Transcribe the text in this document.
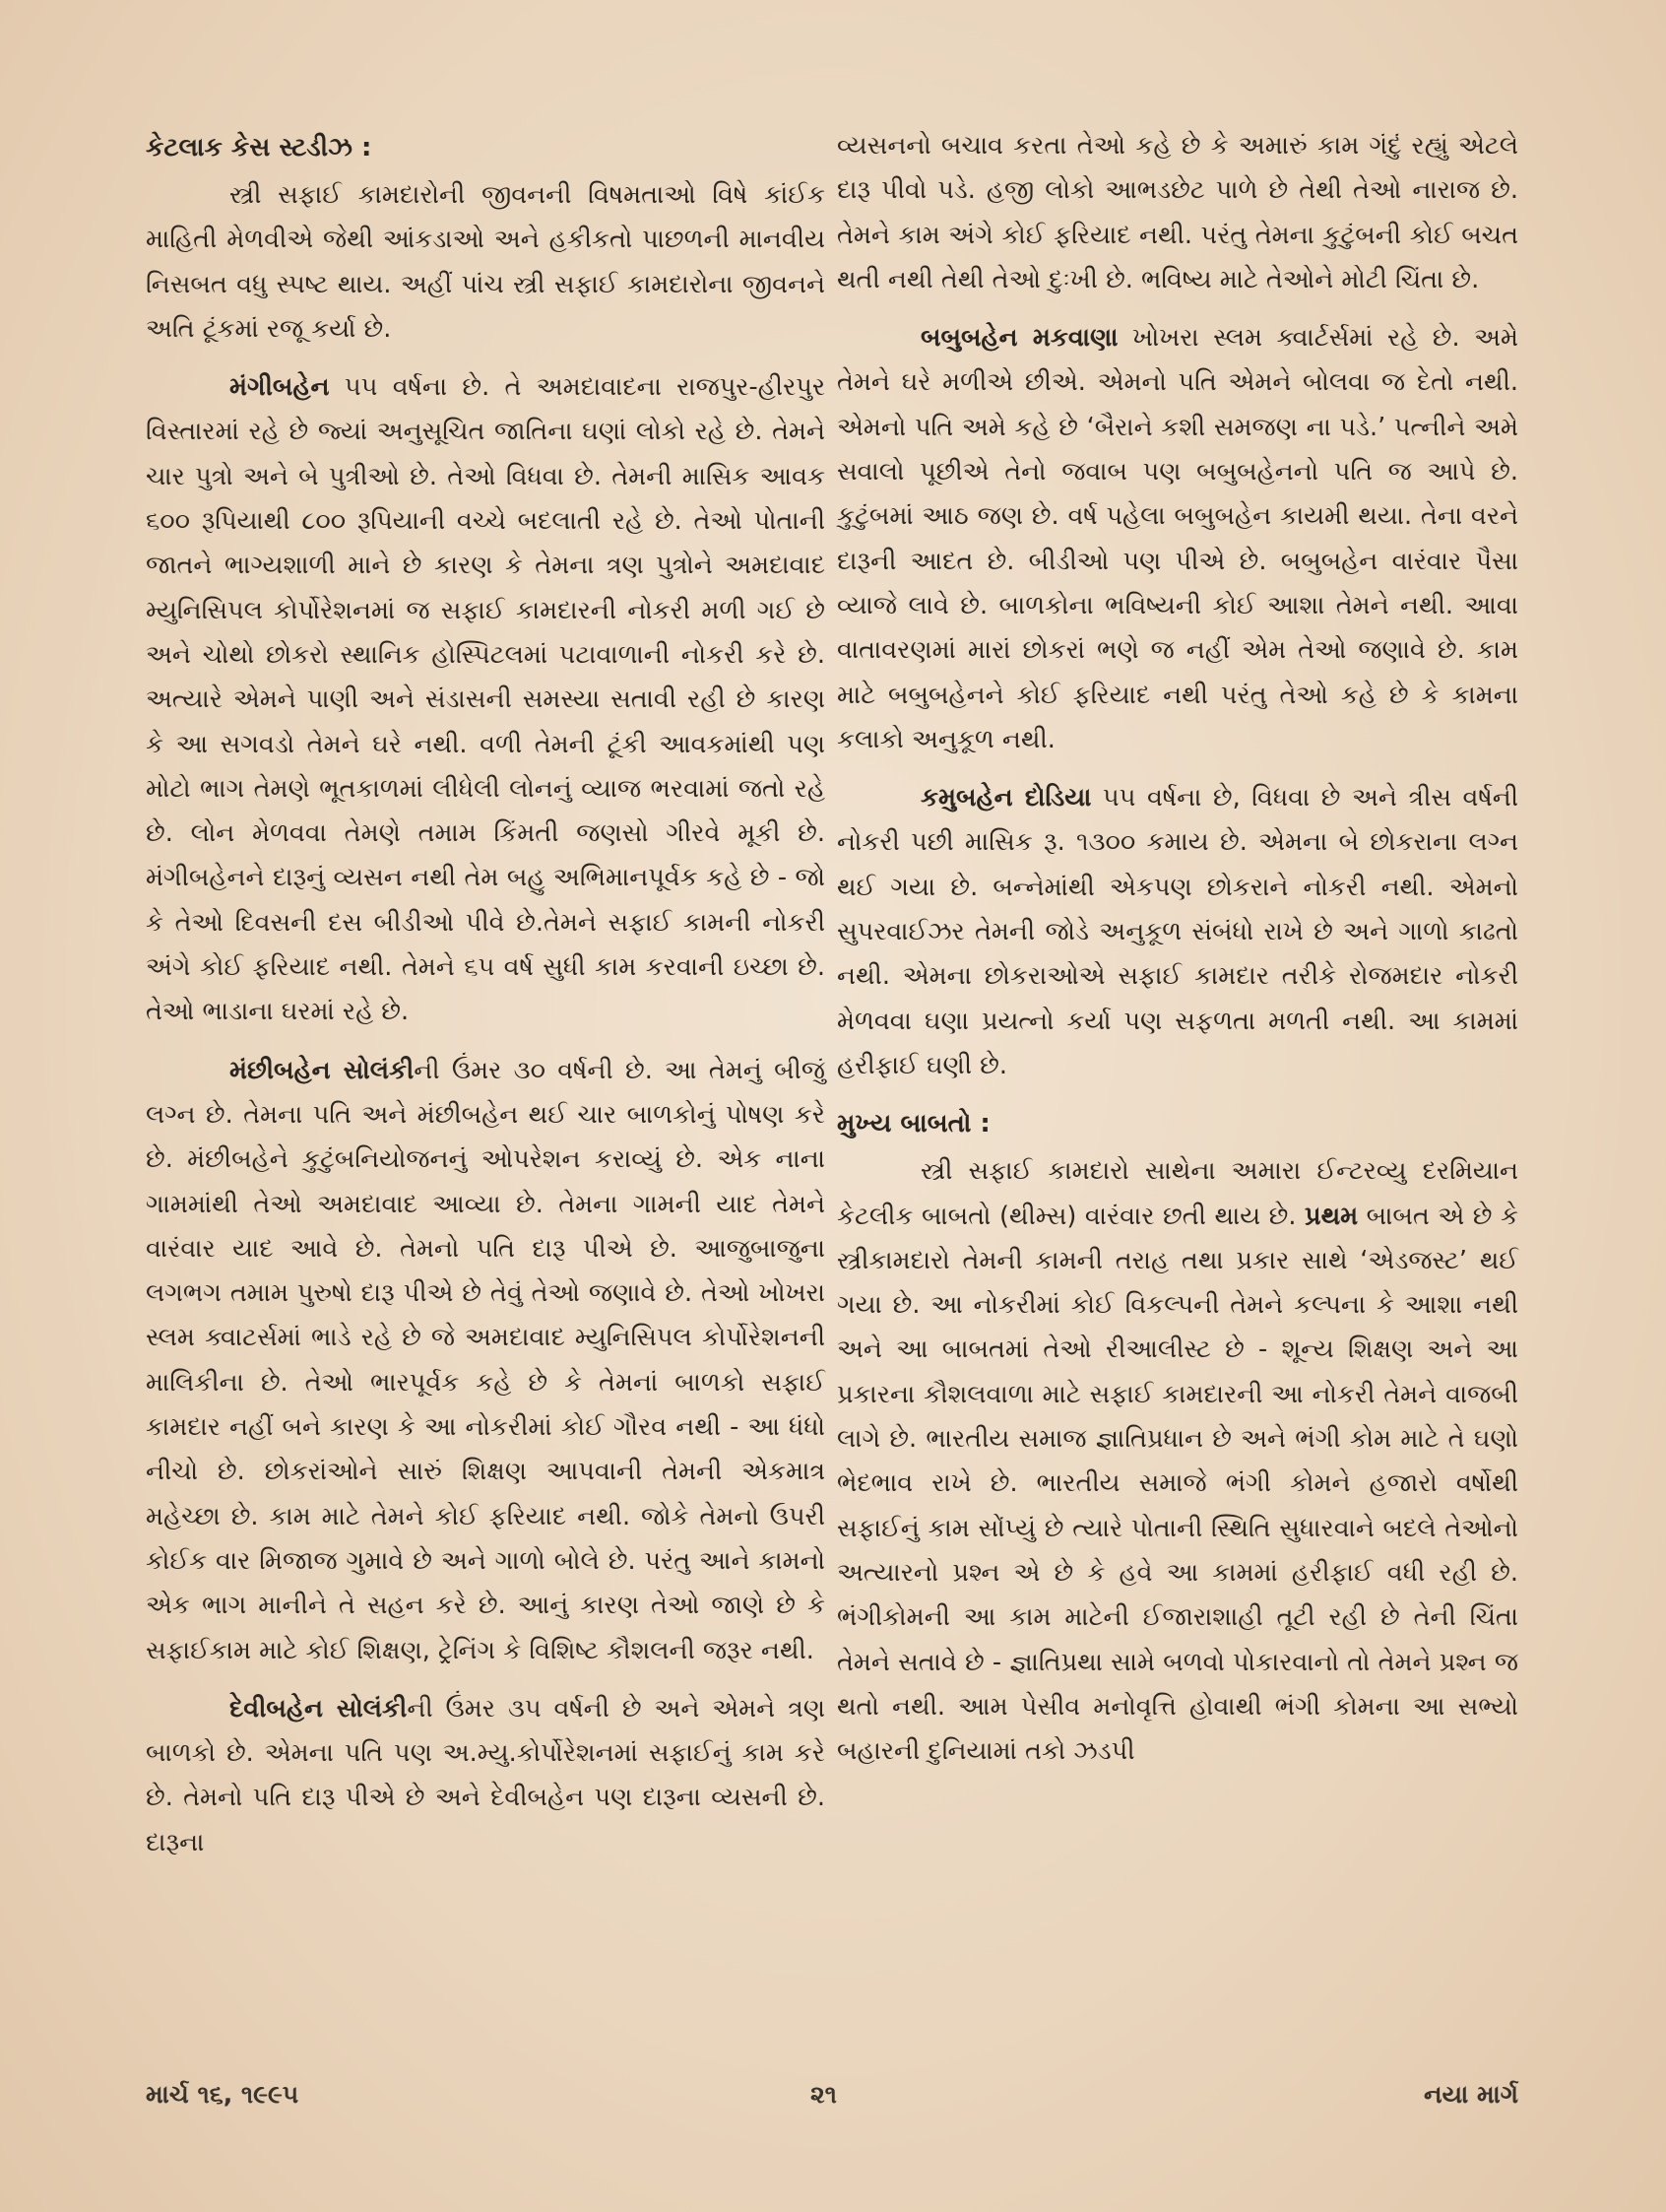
કેટલાક કેસ સ્ટડીઝ :

સ્ત્રી સફાઈ કામદારોની જીવનની વિષમતાઓ વિષે કાંઈક માહિતી મેળવીએ જેથી આંકડાઓ અને હકીકતો પાછળની માનવીય નિસબત વધુ સ્પષ્ટ થાય. અહીં પાંચ સ્ત્રી સફાઈ કામદારોના જીવનને અતિ ટૂંકમાં રજૂ કર્યા છે.

મંગીબહેન ૫૫ વર્ષના છે. તે અમદાવાદના રાજપુર-હીરપુર વિસ્તારમાં રહે છે જ્યાં અનુસૂચિત જાતિના ઘણાં લોકો રહે છે. તેમને ચાર પુત્રો અને બે પુત્રીઓ છે. તેઓ વિધવા છે. તેમની માસિક આવક ૬૦૦ રૂપિયાથી ૮૦૦ રૂપિયાની વચ્ચે બદલાતી રહે છે. તેઓ પોતાની જાતને ભાગ્યશાળી માને છે કારણ કે તેમના ત્રણ પુત્રોને અમદાવાદ મ્યુનિસિપલ કોર્પોરેશનમાં જ સફાઈ કામદારની નોકરી મળી ગઈ છે અને ચોથો છોકરો સ્થાનિક હોસ્પિટલમાં પટાવાળાની નોકરી કરે છે. અત્યારે એમને પાણી અને સંડાસની સમસ્યા સતાવી રહી છે કારણ કે આ સગવડો તેમને ઘરે નથી. વળી તેમની ટૂંકી આવકમાંથી પણ મોટો ભાગ તેમણે ભૂતકાળમાં લીધેલી લોનનું વ્યાજ ભરવામાં જતો રહે છે. લોન મેળવવા તેમણે તમામ કિંમતી જણસો ગીરવે મૂકી છે. મંગીબહેનને દારૂનું વ્યસન નથી તેમ બહુ અભિમાનપૂર્વક કહે છે - જો કે તેઓ દિવસની દસ બીડીઓ પીવે છે.તેમને સફાઈ કામની નોકરી અંગે કોઈ ફરિયાદ નથી. તેમને ૬૫ વર્ષ સુધી કામ કરવાની ઇચ્છા છે. તેઓ ભાડાના ઘરમાં રહે છે.

મંછીબહેન સોલંકીની ઉંમર ૩૦ વર્ષની છે. આ તેમનું બીજું લગ્ન છે. તેમના પતિ અને મંછીબહેન થઈ ચાર બાળકોનું પોષણ કરે છે. મંછીબહેને કુટુંબનિયોજનનું ઓપરેશન કરાવ્યું છે. એક નાના ગામમાંથી તેઓ અમદાવાદ આવ્યા છે. તેમના ગામની યાદ તેમને વારંવાર યાદ આવે છે. તેમનો પતિ દારૂ પીએ છે. આજુબાજુના લગભગ તમામ પુરુષો દારૂ પીએ છે તેવું તેઓ જણાવે છે. તેઓ ખોખરા સ્લમ ક્વાટર્સમાં ભાડે રહે છે જે અમદાવાદ મ્યુનિસિપલ કોર્પોરેશનની માલિકીના છે. તેઓ ભારપૂર્વક કહે છે કે તેમનાં બાળકો સફાઈ કામદાર નહીં બને કારણ કે આ નોકરીમાં કોઈ ગૌરવ નથી - આ ધંધો નીચો છે. છોકરાંઓને સારું શિક્ષણ આપવાની તેમની એકમાત્ર મહેચ્છા છે. કામ માટે તેમને કોઈ ફરિયાદ નથી. જોકે તેમનો ઉપરી કોઈક વાર મિજાજ ગુમાવે છે અને ગાળો બોલે છે. પરંતુ આને કામનો એક ભાગ માનીને તે સહન કરે છે. આનું કારણ તેઓ જાણે છે કે સફાઈકામ માટે કોઈ શિક્ષણ, ટ્રેનિંગ કે વિશિષ્ટ કૌશલની જરૂર નથી.

દેવીબહેન સોલંકીની ઉંમર ૩૫ વર્ષની છે અને એમને ત્રણ બાળકો છે. એમના પતિ પણ અ.મ્યુ.કોર્પોરેશનમાં સફાઈનું કામ કરે છે. તેમનો પતિ દારૂ પીએ છે અને દેવીબહેન પણ દારૂના વ્યસની છે. દારૂના

વ્યસનનો બચાવ કરતા તેઓ કહે છે કે અમારું કામ ગંદું રહ્યું એટલે દારૂ પીવો પડે. હજી લોકો આભડછેટ પાળે છે તેથી તેઓ નારાજ છે. તેમને કામ અંગે કોઈ ફરિયાદ નથી. પરંતુ તેમના કુટુંબની કોઈ બચત થતી નથી તેથી તેઓ દુઃખી છે. ભવિષ્ય માટે તેઓને મોટી ચિંતા છે.

બબુબહેન મકવાણા ખોખરા સ્લમ ક્વાર્ટર્સમાં રહે છે. અમે તેમને ઘરે મળીએ છીએ. એમનો પતિ એમને બોલવા જ દેતો નથી. એમનો પતિ અમે કહે છે ‘બૈરાને કશી સમજણ ના પડે.’ પત્નીને અમે સવાલો પૂછીએ તેનો જવાબ પણ બબુબહેનનો પતિ જ આપે છે. કુટુંબમાં આઠ જણ છે. વર્ષ પહેલા બબુબહેન કાયમી થયા. તેના વરને દારૂની આદત છે. બીડીઓ પણ પીએ છે. બબુબહેન વારંવાર પૈસા વ્યાજે લાવે છે. બાળકોના ભવિષ્યની કોઈ આશા તેમને નથી. આવા વાતાવરણમાં મારાં છોકરાં ભણે જ નહીં એમ તેઓ જણાવે છે. કામ માટે બબુબહેનને કોઈ ફરિયાદ નથી પરંતુ તેઓ કહે છે કે કામના કલાકો અનુકૂળ નથી.

કમુબહેન દોડિયા ૫૫ વર્ષના છે, વિધવા છે અને ત્રીસ વર્ષની નોકરી પછી માસિક રૂ. ૧૩૦૦ કમાય છે. એમના બે છોકરાના લગ્ન થઈ ગયા છે. બન્નેમાંથી એકપણ છોકરાને નોકરી નથી. એમનો સુપરવાઈઝર તેમની જોડે અનુકૂળ સંબંધો રાખે છે અને ગાળો કાઢતો નથી. એમના છોકરાઓએ સફાઈ કામદાર તરીકે રોજમદાર નોકરી મેળવવા ઘણા પ્રયત્નો કર્યા પણ સફળતા મળતી નથી. આ કામમાં હરીફાઈ ઘણી છે.

મુખ્ય બાબતો :

સ્ત્રી સફાઈ કામદારો સાથેના અમારા ઈન્ટરવ્યુ દરમિયાન કેટલીક બાબતો (થીમ્સ) વારંવાર છતી થાય છે. પ્રથમ બાબત એ છે કે સ્ત્રીકામદારો તેમની કામની તરાહ તથા પ્રકાર સાથે ‘એડજસ્ટ’ થઈ ગયા છે. આ નોકરીમાં કોઈ વિકલ્પની તેમને કલ્પના કે આશા નથી અને આ બાબતમાં તેઓ રીઆલીસ્ટ છે - શૂન્ય શિક્ષણ અને આ પ્રકારના કૌશલવાળા માટે સફાઈ કામદારની આ નોકરી તેમને વાજબી લાગે છે. ભારતીય સમાજ જ્ઞાતિપ્રધાન છે અને ભંગી કોમ માટે તે ઘણો ભેદભાવ રાખે છે. ભારતીય સમાજે ભંગી કોમને હજારો વર્ષોથી સફાઈનું કામ સોંપ્યું છે ત્યારે પોતાની સ્થિતિ સુધારવાને બદલે તેઓનો અત્યારનો પ્રશ્ન એ છે કે હવે આ કામમાં હરીફાઈ વધી રહી છે. ભંગીકોમની આ કામ માટેની ઈજારાશાહી તૂટી રહી છે તેની ચિંતા તેમને સતાવે છે - જ્ઞાતિપ્રથા સામે બળવો પોકારવાનો તો તેમને પ્રશ્ન જ થતો નથી. આમ પેસીવ મનોવૃત્તિ હોવાથી ભંગી કોમના આ સભ્યો બહારની દુનિયામાં તકો ઝડપી

માર્ચ ૧૬, ૧૯૯૫	૨૧	નયા માર્ગ
